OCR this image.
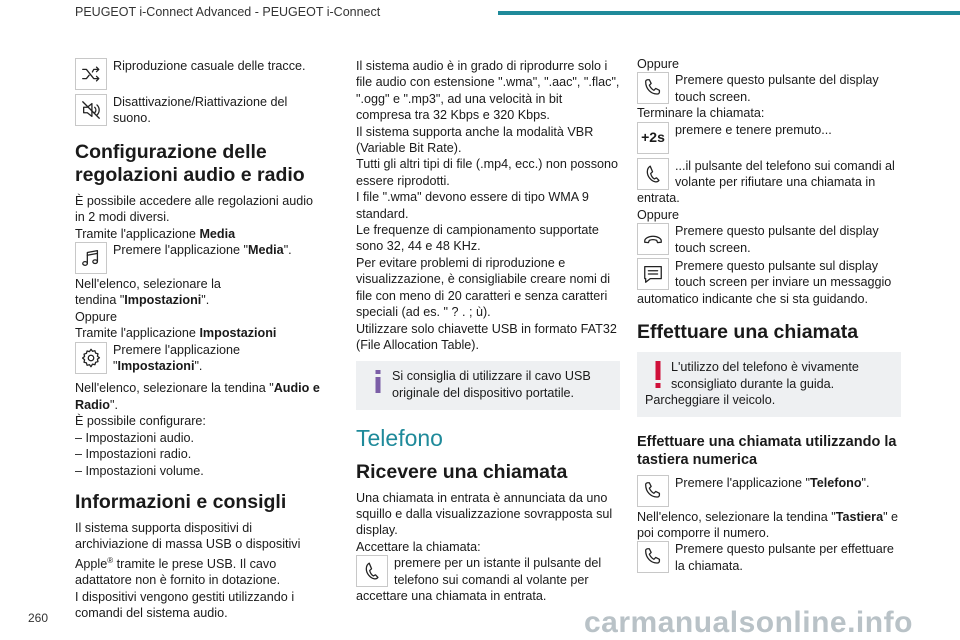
PEUGEOT i-Connect Advanced - PEUGEOT i-Connect
Riproduzione casuale delle tracce.
Disattivazione/Riattivazione del suono.
Configurazione delle regolazioni audio e radio

È possibile accedere alle regolazioni audio in 2 modi diversi.

Tramite l'applicazione Media

Premere l'applicazione "Media".

Nell'elenco, selezionare la tendina "Impostazioni".

Oppure

Tramite l'applicazione Impostazioni

Premere l'applicazione "Impostazioni".

Nell'elenco, selezionare la tendina "Audio e Radio".

È possibile configurare:

– Impostazioni audio.

– Impostazioni radio.

– Impostazioni volume.

Informazioni e consigli

Il sistema supporta dispositivi di archiviazione di massa USB o dispositivi Apple® tramite le prese USB. Il cavo adattatore non è fornito in dotazione.

I dispositivi vengono gestiti utilizzando i comandi del sistema audio.

Il sistema audio è in grado di riprodurre solo i file audio con estensione ".wma", ".aac", ".flac", ".ogg" e ".mp3", ad una velocità in bit compresa tra 32 Kbps e 320 Kbps.

Il sistema supporta anche la modalità VBR (Variable Bit Rate).

Tutti gli altri tipi di file (.mp4, ecc.) non possono essere riprodotti.

I file ".wma" devono essere di tipo WMA 9 standard.

Le frequenze di campionamento supportate sono 32, 44 e 48 KHz.

Per evitare problemi di riproduzione e visualizzazione, è consigliabile creare nomi di file con meno di 20 caratteri e senza caratteri speciali (ad es. " ? . ; ù).

Utilizzare solo chiavette USB in formato FAT32 (File Allocation Table).

Si consiglia di utilizzare il cavo USB originale del dispositivo portatile.
Telefono
Ricevere una chiamata

Una chiamata in entrata è annunciata da uno squillo e dalla visualizzazione sovrapposta sul display.

Accettare la chiamata:

premere per un istante il pulsante del telefono sui comandi al volante per accettare una chiamata in entrata.

Oppure

Premere questo pulsante del display touch screen.

Terminare la chiamata:

+2s premere e tenere premuto...
...il pulsante del telefono sui comandi al volante per rifiutare una chiamata in entrata.

Oppure

Premere questo pulsante del display touch screen.
Premere questo pulsante sul display touch screen per inviare un messaggio automatico indicante che si sta guidando.
Effettuare una chiamata
L'utilizzo del telefono è vivamente sconsigliato durante la guida. Parcheggiare il veicolo.
Effettuare una chiamata utilizzando la tastiera numerica
Premere l'applicazione "Telefono".

Nell'elenco, selezionare la tendina "Tastiera" e poi comporre il numero.

Premere questo pulsante per effettuare la chiamata.
260	carmanualsonline.info
